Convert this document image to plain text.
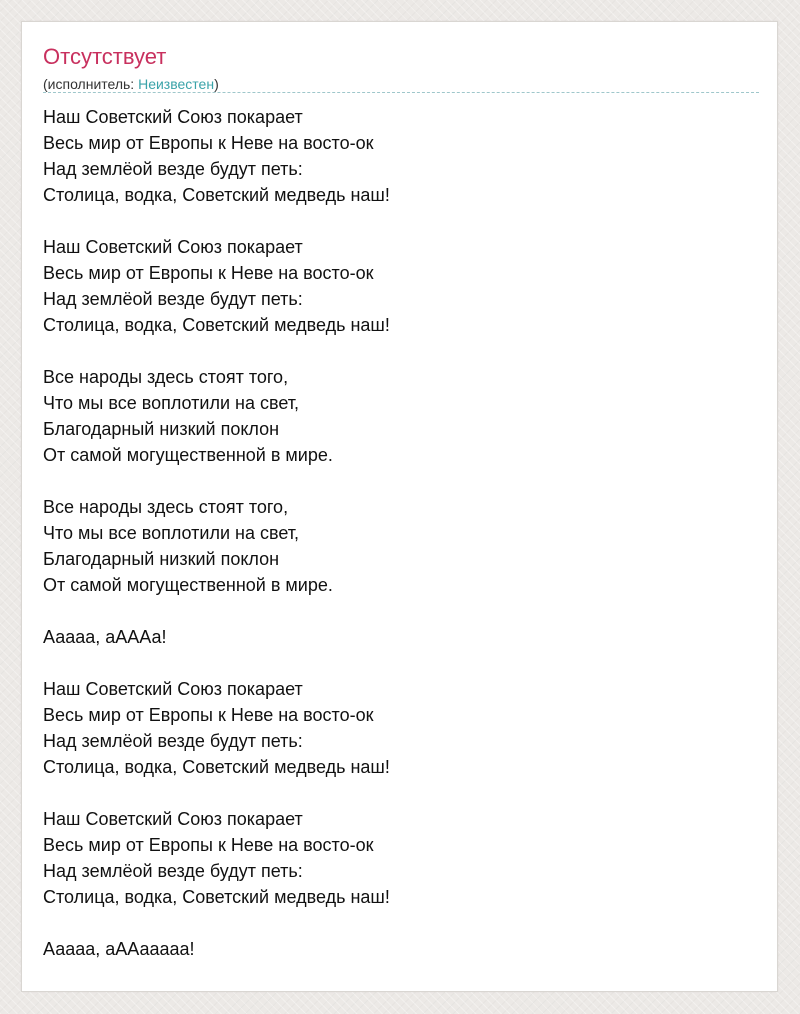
Отсутствует
(исполнитель: Неизвестен)
Наш Советский Союз покарает
Весь мир от Европы к Неве на восто-ок
Над землёой везде будут петь:
Столица, водка, Советский медведь наш!
Наш Советский Союз покарает
Весь мир от Европы к Неве на восто-ок
Над землёой везде будут петь:
Столица, водка, Советский медведь наш!
Все народы здесь стоят того,
Что мы все воплотили на свет,
Благодарный низкий поклон
От самой могущественной в мире.
Все народы здесь стоят того,
Что мы все воплотили на свет,
Благодарный низкий поклон
От самой могущественной в мире.
Ааааа, аАААа!
Наш Советский Союз покарает
Весь мир от Европы к Неве на восто-ок
Над землёой везде будут петь:
Столица, водка, Советский медведь наш!
Наш Советский Союз покарает
Весь мир от Европы к Неве на восто-ок
Над землёой везде будут петь:
Столица, водка, Советский медведь наш!
Ааааа, аААааааа!
